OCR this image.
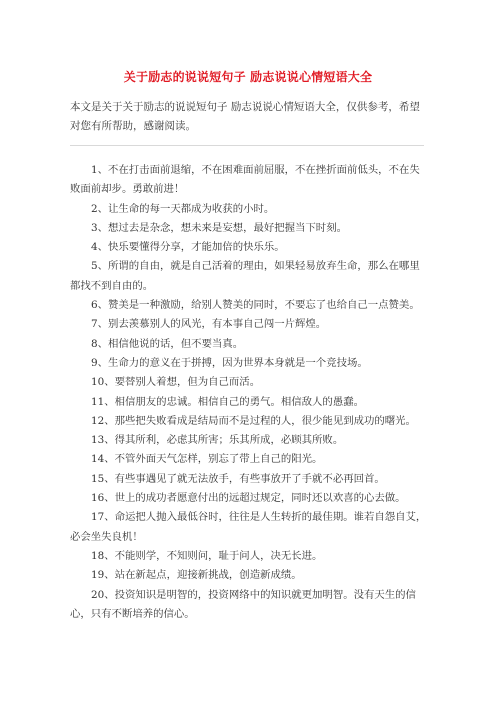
关于励志的说说短句子 励志说说心情短语大全
本文是关于关于励志的说说短句子 励志说说心情短语大全，仅供参考，希望对您有所帮助，感谢阅读。
1、不在打击面前退缩，不在困难面前屈服，不在挫折面前低头，不在失败面前却步。勇敢前进！
2、让生命的每一天都成为收获的小时。
3、想过去是杂念，想未来是妄想，最好把握当下时刻。
4、快乐要懂得分享，才能加倍的快乐乐。
5、所谓的自由，就是自己活着的理由，如果轻易放弃生命，那么在哪里都找不到自由的。
6、赞美是一种激励，给别人赞美的同时，不要忘了也给自己一点赞美。
7、别去羡慕别人的风光，有本事自己闯一片辉煌。
8、相信他说的话，但不要当真。
9、生命力的意义在于拼搏，因为世界本身就是一个竞技场。
10、要替别人着想，但为自己而活。
11、相信朋友的忠诚。相信自己的勇气。相信敌人的愚蠢。
12、那些把失败看成是结局而不是过程的人，很少能见到成功的曙光。
13、得其所利，必虑其所害；乐其所成，必顾其所败。
14、不管外面天气怎样，别忘了带上自己的阳光。
15、有些事遇见了就无法放手，有些事放开了手就不必再回首。
16、世上的成功者愿意付出的远超过规定，同时还以欢喜的心去做。
17、命运把人抛入最低谷时，往往是人生转折的最佳期。谁若自怨自艾，必会坐失良机！
18、不能则学，不知则问，耻于问人，决无长进。
19、站在新起点，迎接新挑战，创造新成绩。
20、投资知识是明智的，投资网络中的知识就更加明智。没有天生的信心，只有不断培养的信心。
